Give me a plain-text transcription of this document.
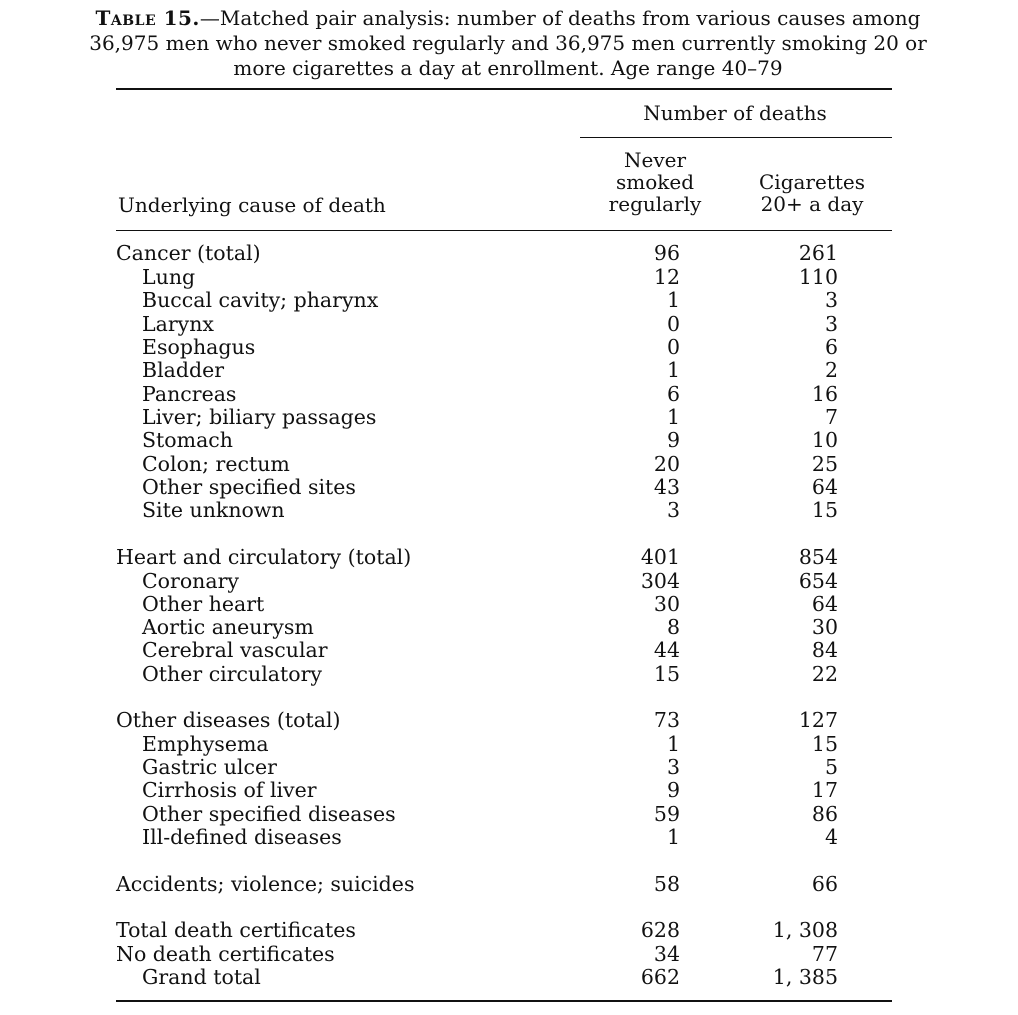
Table 15.—Matched pair analysis: number of deaths from various causes among
36,975 men who never smoked regularly and 36,975 men currently smoking 20 or
more cigarettes a day at enrollment. Age range 40–79
Number of deaths
Never
smoked
regularly
Cigarettes
20+ a day
Underlying cause of death
Cancer (total)	96	261
Lung	12	110
Buccal cavity; pharynx	1	3
Larynx	0	3
Esophagus	0	6
Bladder	1	2
Pancreas	6	16
Liver; biliary passages	1	7
Stomach	9	10
Colon; rectum	20	25
Other specified sites	43	64
Site unknown	3	15
Heart and circulatory (total)	401	854
Coronary	304	654
Other heart	30	64
Aortic aneurysm	8	30
Cerebral vascular	44	84
Other circulatory	15	22
Other diseases (total)	73	127
Emphysema	1	15
Gastric ulcer	3	5
Cirrhosis of liver	9	17
Other specified diseases	59	86
Ill-defined diseases	1	4
Accidents; violence; suicides	58	66
Total death certificates	628	1, 308
No death certificates	34	77
Grand total	662	1, 385
